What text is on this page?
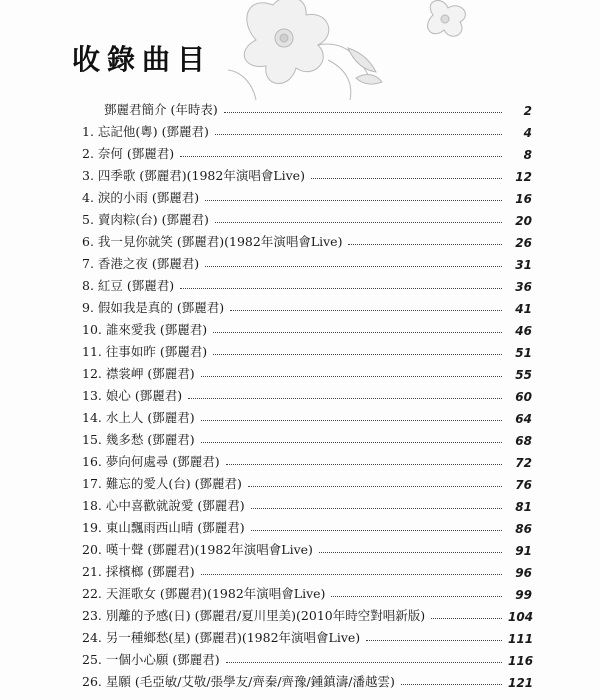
收錄曲目
鄧麗君簡介 (年時表)	2
1. 忘記他(粵) (鄧麗君)	4
2. 奈何 (鄧麗君)	8
3. 四季歌 (鄧麗君)(1982年演唱會Live)	12
4. 淚的小雨 (鄧麗君)	16
5. 賣肉粽(台) (鄧麗君)	20
6. 我一見你就笑 (鄧麗君)(1982年演唱會Live)	26
7. 香港之夜 (鄧麗君)	31
8. 紅豆 (鄧麗君)	36
9. 假如我是真的 (鄧麗君)	41
10. 誰來愛我 (鄧麗君)	46
11. 往事如昨 (鄧麗君)	51
12. 襟裳岬 (鄧麗君)	55
13. 娘心 (鄧麗君)	60
14. 水上人 (鄧麗君)	64
15. 幾多愁 (鄧麗君)	68
16. 夢向何處尋 (鄧麗君)	72
17. 難忘的愛人(台) (鄧麗君)	76
18. 心中喜歡就說愛 (鄧麗君)	81
19. 東山飄雨西山晴 (鄧麗君)	86
20. 嘆十聲 (鄧麗君)(1982年演唱會Live)	91
21. 採檳榔 (鄧麗君)	96
22. 天涯歌女 (鄧麗君)(1982年演唱會Live)	99
23. 別離的予感(日) (鄧麗君/夏川里美)(2010年時空對唱新版)	104
24. 另一種鄉愁(星) (鄧麗君)(1982年演唱會Live)	111
25. 一個小心願 (鄧麗君)	116
26. 星願 (毛亞敏/艾敬/張學友/齊秦/齊豫/鍾鎮濤/潘越雲)	121
